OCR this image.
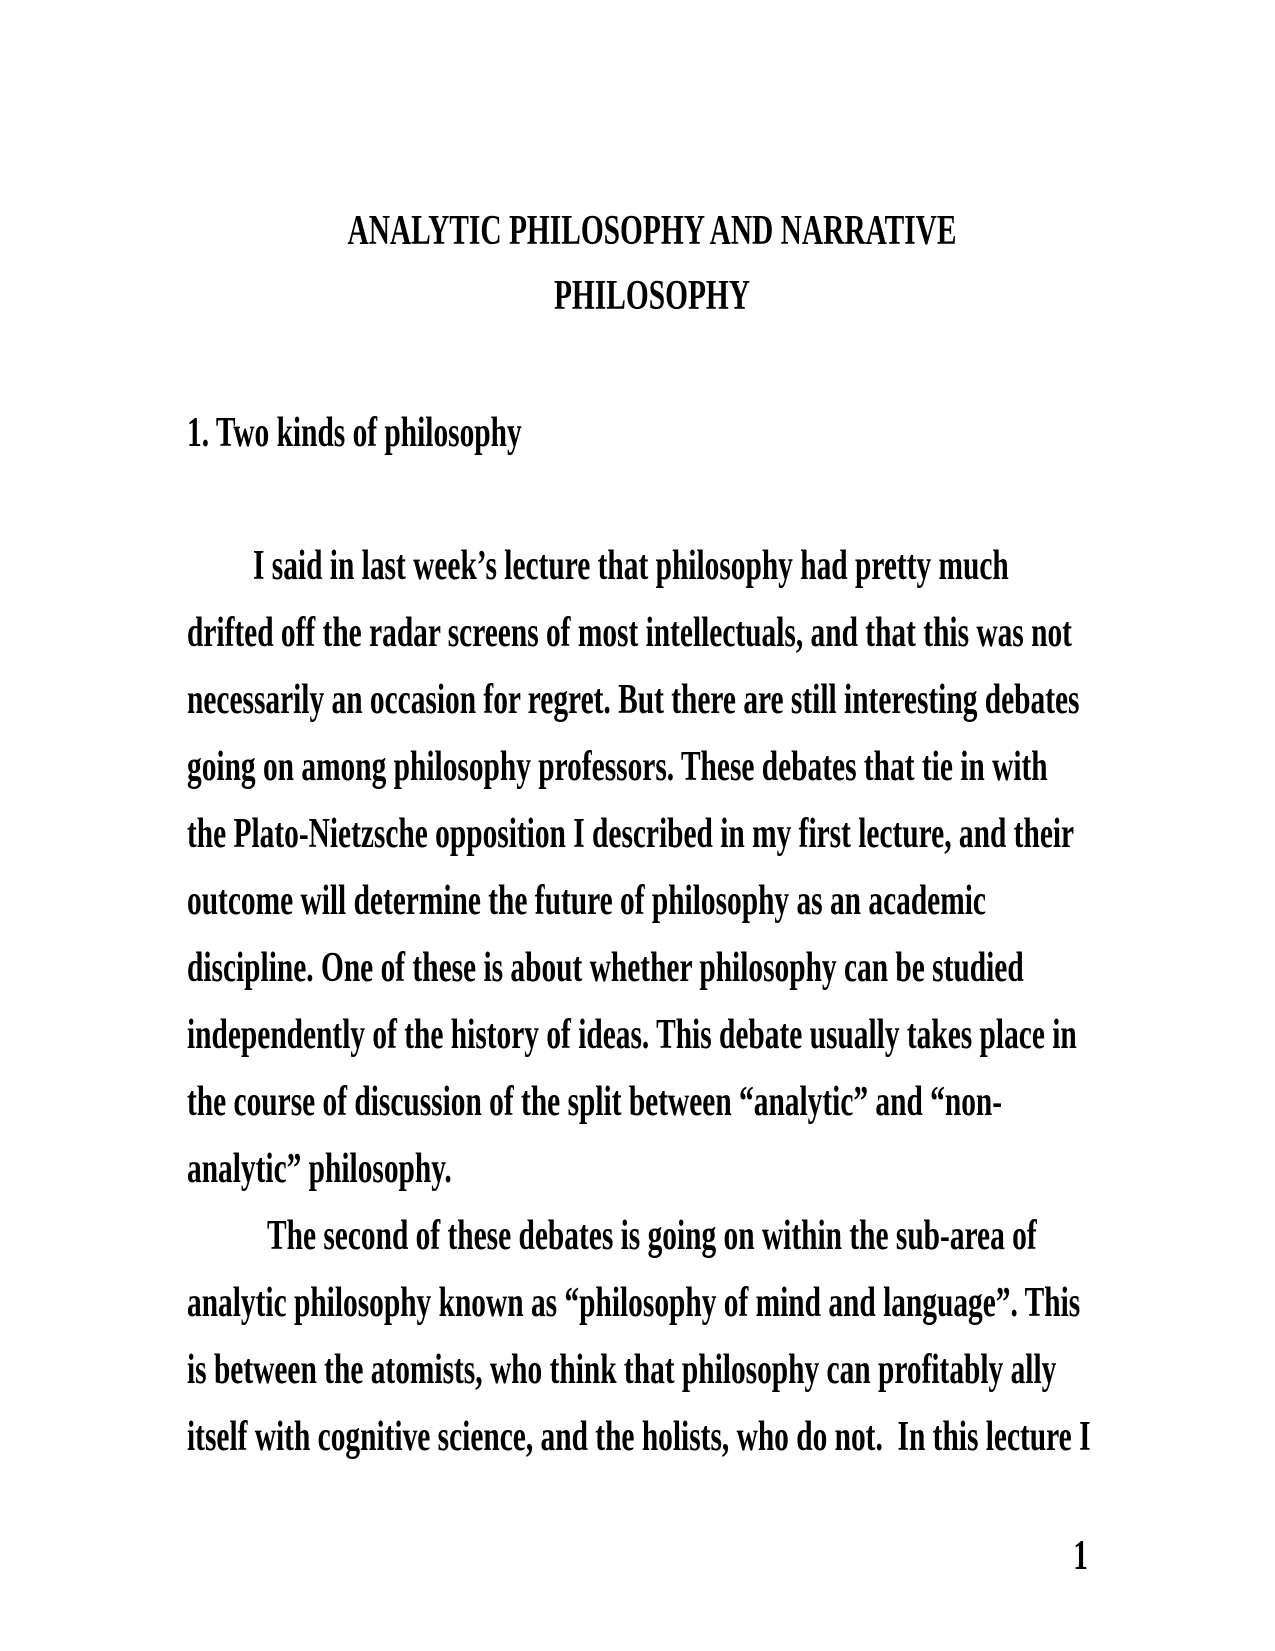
ANALYTIC PHILOSOPHY AND NARRATIVE
PHILOSOPHY
1. Two kinds of philosophy
I said in last week’s lecture that philosophy had pretty much
drifted off the radar screens of most intellectuals, and that this was not
necessarily an occasion for regret. But there are still interesting debates
going on among philosophy professors. These debates that tie in with
the Plato-Nietzsche opposition I described in my first lecture, and their
outcome will determine the future of philosophy as an academic
discipline. One of these is about whether philosophy can be studied
independently of the history of ideas. This debate usually takes place in
the course of discussion of the split between “analytic” and “non-
analytic” philosophy.
The second of these debates is going on within the sub-area of
analytic philosophy known as “philosophy of mind and language”. This
is between the atomists, who think that philosophy can profitably ally
itself with cognitive science, and the holists, who do not.  In this lecture I
1
